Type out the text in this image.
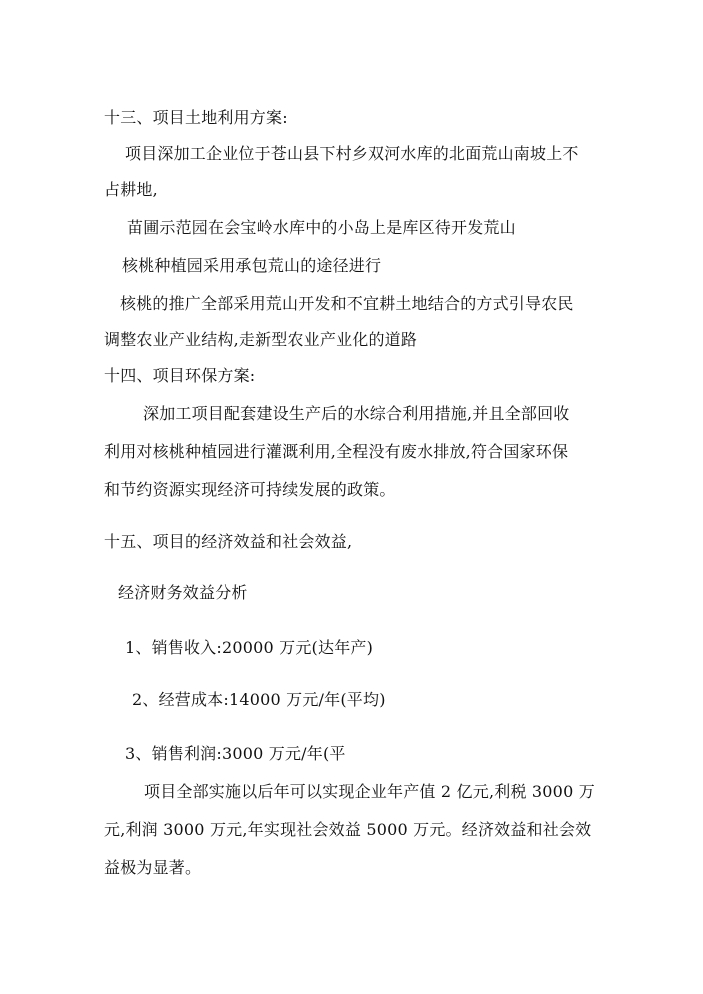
十三、项目土地利用方案:
项目深加工企业位于苍山县下村乡双河水库的北面荒山南坡上不
占耕地,
苗圃示范园在会宝岭水库中的小岛上是库区待开发荒山
核桃种植园采用承包荒山的途径进行
核桃的推广全部采用荒山开发和不宜耕土地结合的方式引导农民
调整农业产业结构,走新型农业产业化的道路
十四、项目环保方案:
深加工项目配套建设生产后的水综合利用措施,并且全部回收
利用对核桃种植园进行灌溉利用,全程没有废水排放,符合国家环保
和节约资源实现经济可持续发展的政策。
十五、项目的经济效益和社会效益,
经济财务效益分析
1、销售收入:20000 万元(达年产)
2、经营成本:14000 万元/年(平均)
3、销售利润:3000 万元/年(平
项目全部实施以后年可以实现企业年产值 2 亿元,利税 3000 万
元,利润 3000 万元,年实现社会效益 5000 万元。经济效益和社会效
益极为显著。
